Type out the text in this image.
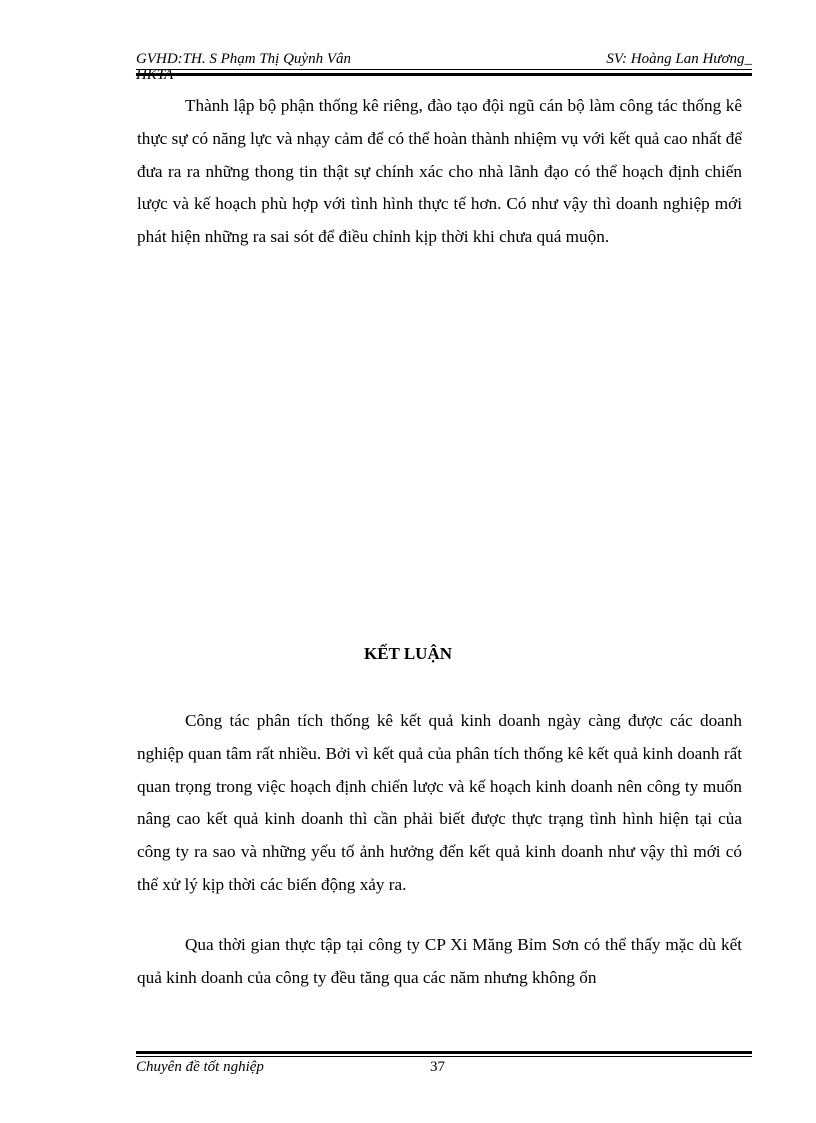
GVHD:TH. S Phạm Thị Quỳnh Vân	SV: Hoàng Lan Hương_

Thành lập bộ phận thống kê riêng, đào tạo đội ngũ cán bộ làm công tác thống kê thực sự có năng lực và nhạy cảm để có thể hoàn thành nhiệm vụ với kết quả cao nhất để đưa ra ra những thong tin thật sự chính xác cho nhà lãnh đạo có thể hoạch định chiến lược và kế hoạch phù hợp với tình hình thực tế hơn. Có như vậy thì doanh nghiệp mới phát hiện những ra sai sót để điều chỉnh kịp thời khi chưa quá muộn.

KẾT LUẬN

Công tác phân tích thống kê kết quả kinh doanh ngày càng được các doanh nghiệp quan tâm rất nhiều. Bởi vì kết quả của phân tích thống kê kết quả kinh doanh rất quan trọng trong việc hoạch định chiến lược và kế hoạch kinh doanh nên công ty muốn nâng cao kết quả kinh doanh thì cần phải biết được thực trạng tình hình hiện tại của công ty ra sao và những yếu tố ảnh hưởng đến kết quả kinh doanh như vậy thì mới có thể xử lý kịp thời các biến động xảy ra.

Qua thời gian thực tập tại công ty CP Xi Măng Bỉm Sơn có thể thấy mặc dù kết quả kinh doanh của công ty đều tăng qua các năm nhưng không ổn

Chuyên đề tốt nghiệp	37
